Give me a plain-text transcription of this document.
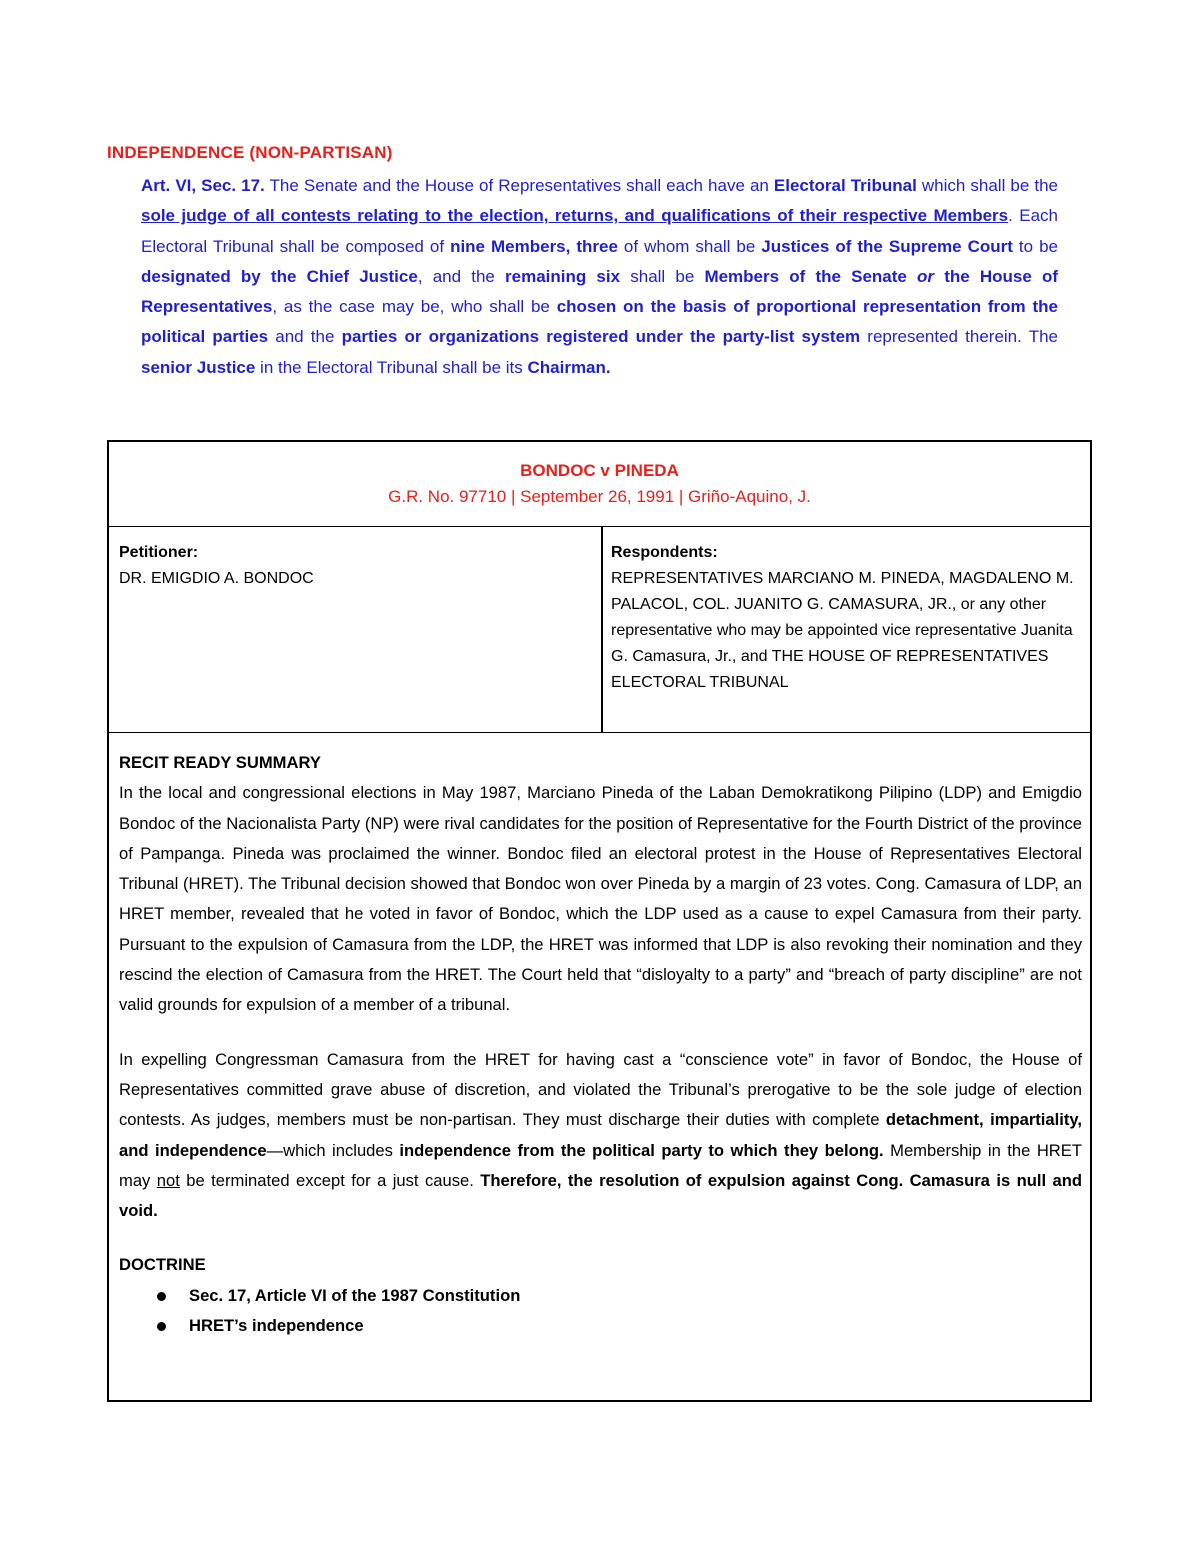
INDEPENDENCE (NON-PARTISAN)
Art. VI, Sec. 17. The Senate and the House of Representatives shall each have an Electoral Tribunal which shall be the sole judge of all contests relating to the election, returns, and qualifications of their respective Members. Each Electoral Tribunal shall be composed of nine Members, three of whom shall be Justices of the Supreme Court to be designated by the Chief Justice, and the remaining six shall be Members of the Senate or the House of Representatives, as the case may be, who shall be chosen on the basis of proportional representation from the political parties and the parties or organizations registered under the party-list system represented therein. The senior Justice in the Electoral Tribunal shall be its Chairman.
BONDOC v PINEDA
G.R. No. 97710 | September 26, 1991 | Griño-Aquino, J.
Petitioner:
DR. EMIGDIO A. BONDOC
Respondents:
REPRESENTATIVES MARCIANO M. PINEDA, MAGDALENO M. PALACOL, COL. JUANITO G. CAMASURA, JR., or any other representative who may be appointed vice representative Juanita G. Camasura, Jr., and THE HOUSE OF REPRESENTATIVES ELECTORAL TRIBUNAL
RECIT READY SUMMARY

In the local and congressional elections in May 1987, Marciano Pineda of the Laban Demokratikong Pilipino (LDP) and Emigdio Bondoc of the Nacionalista Party (NP) were rival candidates for the position of Representative for the Fourth District of the province of Pampanga. Pineda was proclaimed the winner. Bondoc filed an electoral protest in the House of Representatives Electoral Tribunal (HRET). The Tribunal decision showed that Bondoc won over Pineda by a margin of 23 votes. Cong. Camasura of LDP, an HRET member, revealed that he voted in favor of Bondoc, which the LDP used as a cause to expel Camasura from their party. Pursuant to the expulsion of Camasura from the LDP, the HRET was informed that LDP is also revoking their nomination and they rescind the election of Camasura from the HRET. The Court held that “disloyalty to a party” and “breach of party discipline” are not valid grounds for expulsion of a member of a tribunal.

In expelling Congressman Camasura from the HRET for having cast a “conscience vote” in favor of Bondoc, the House of Representatives committed grave abuse of discretion, and violated the Tribunal’s prerogative to be the sole judge of election contests. As judges, members must be non-partisan. They must discharge their duties with complete detachment, impartiality, and independence—which includes independence from the political party to which they belong. Membership in the HRET may not be terminated except for a just cause. Therefore, the resolution of expulsion against Cong. Camasura is null and void.

DOCTRINE
Sec. 17, Article VI of the 1987 Constitution
HRET’s independence
